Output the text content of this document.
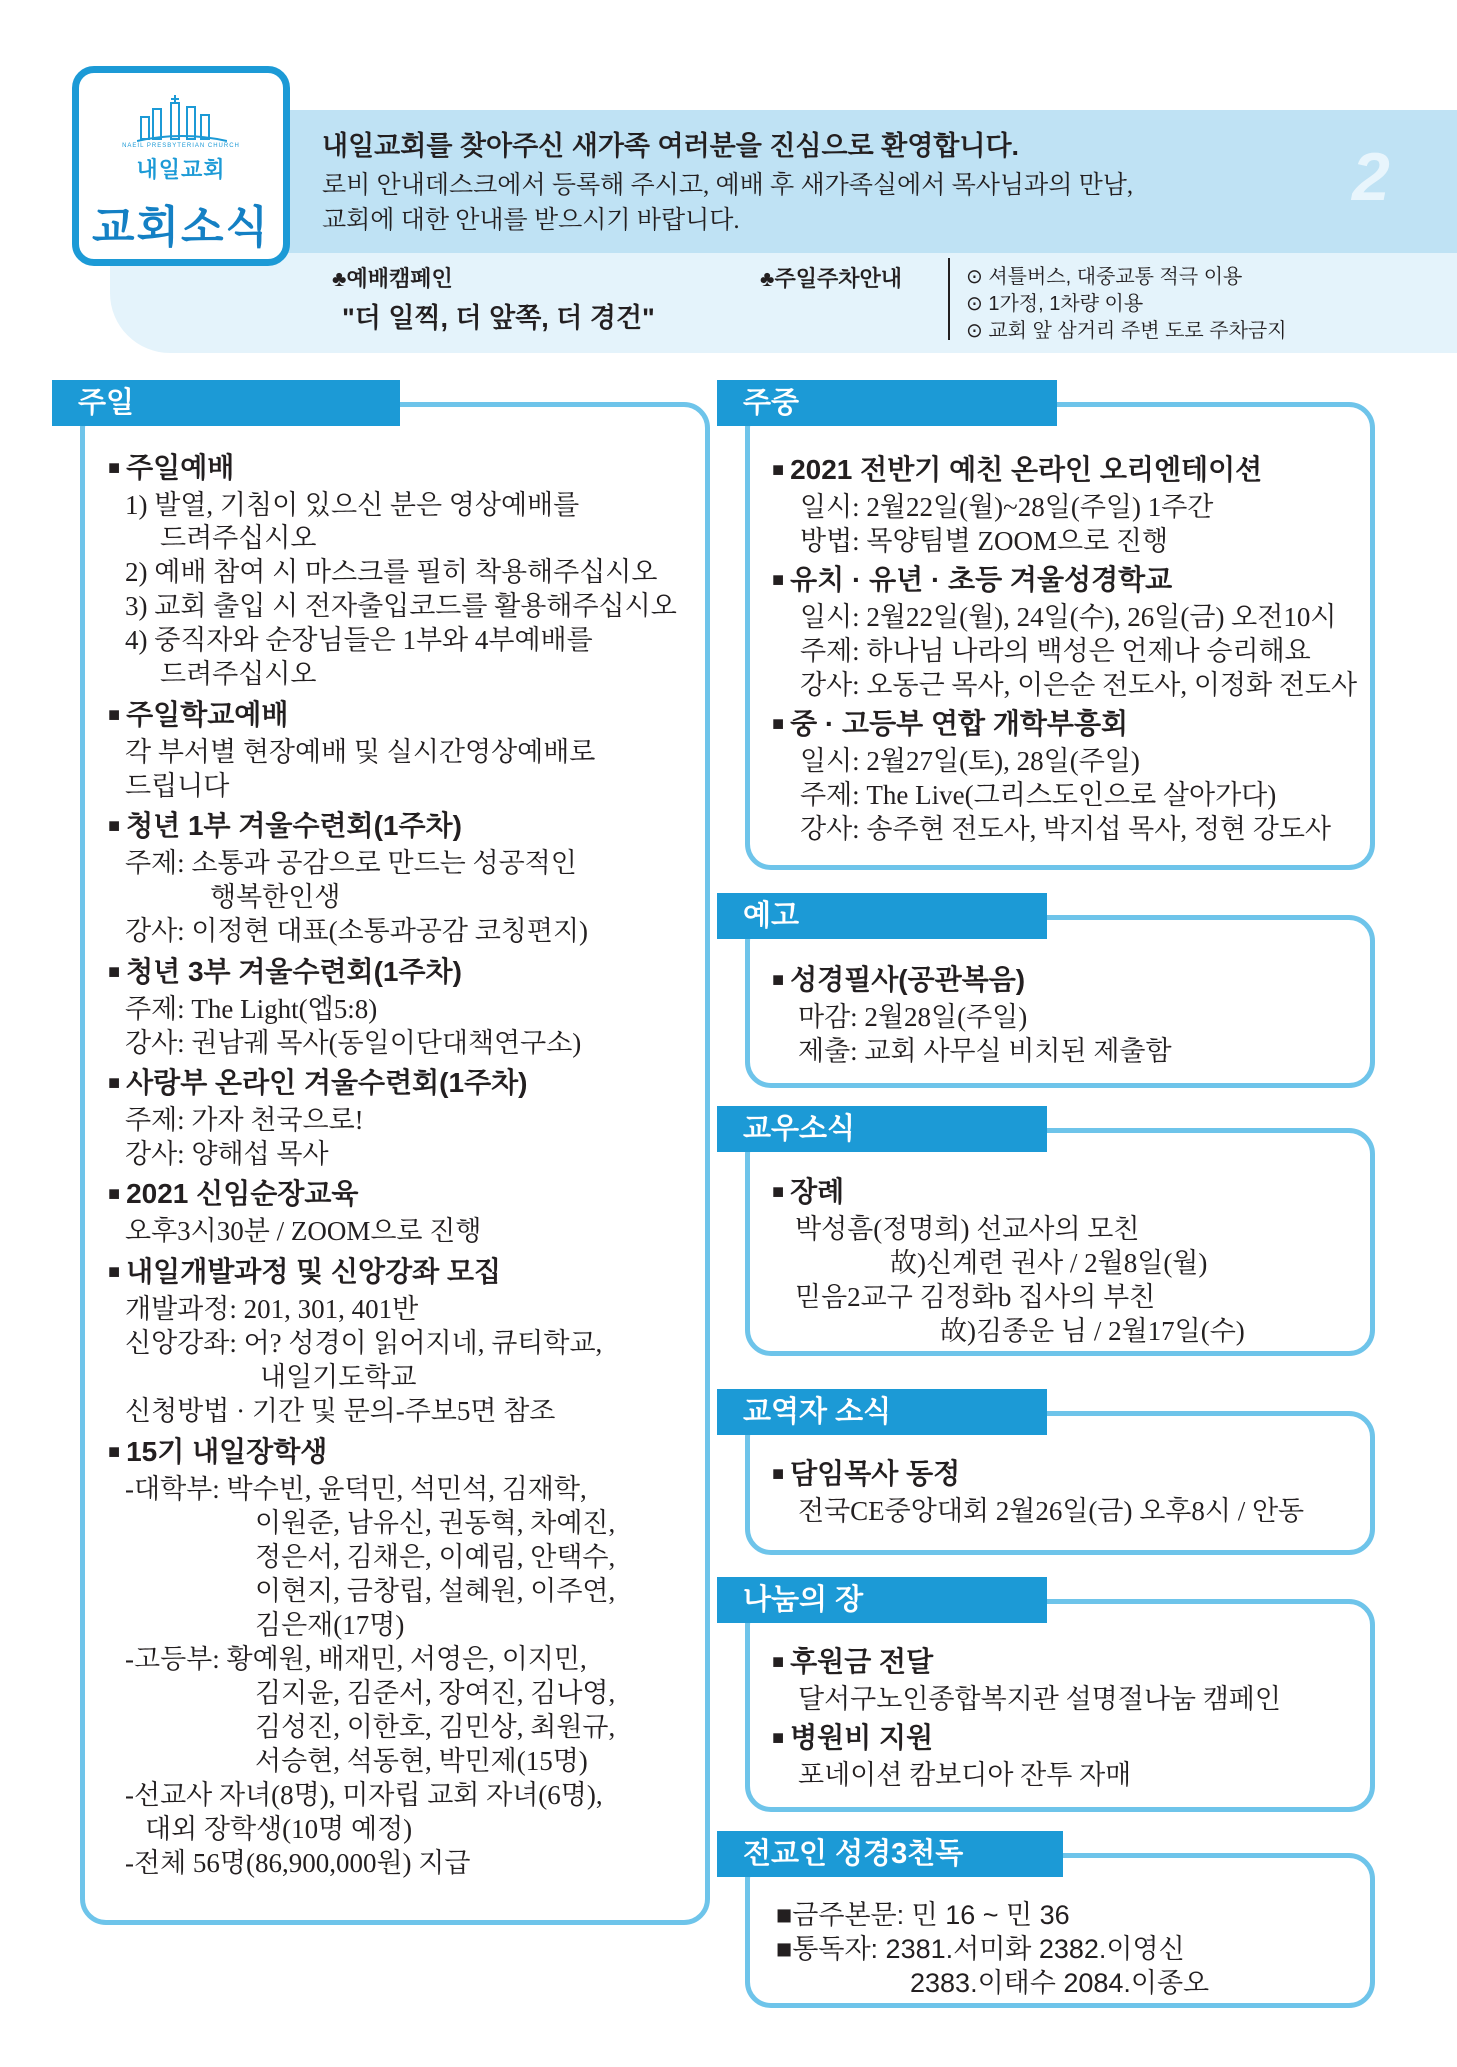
NAEIL PRESBYTERIAN CHURCH
내일교회
교회소식
내일교회를 찾아주신 새가족 여러분을 진심으로 환영합니다.
로비 안내데스크에서 등록해 주시고, 예배 후 새가족실에서 목사님과의 만남,
교회에 대한 안내를 받으시기 바랍니다.
2
♣예배캠페인
"더 일찍, 더 앞쪽, 더 경건"
♣주일주차안내	⊙ 셔틀버스, 대중교통 적극 이용
⊙ 1가정, 1차량 이용
⊙ 교회 앞 삼거리 주변 도로 주차금지
주일
■ 주일예배
1) 발열, 기침이 있으신 분은 영상예배를
드려주십시오
2) 예배 참여 시 마스크를 필히 착용해주십시오
3) 교회 출입 시 전자출입코드를 활용해주십시오
4) 중직자와 순장님들은 1부와 4부예배를
드려주십시오
■ 주일학교예배
각 부서별 현장예배 및 실시간영상예배로
드립니다
■ 청년 1부 겨울수련회(1주차)
주제: 소통과 공감으로 만드는 성공적인
행복한인생
강사: 이정현 대표(소통과공감 코칭편지)
■ 청년 3부 겨울수련회(1주차)
주제: The Light(엡5:8)
강사: 권남궤 목사(동일이단대책연구소)
■ 사랑부 온라인 겨울수련회(1주차)
주제: 가자 천국으로!
강사: 양해섭 목사
■ 2021 신임순장교육
오후3시30분 / ZOOM으로 진행
■ 내일개발과정 및 신앙강좌 모집
개발과정: 201, 301, 401반
신앙강좌: 어? 성경이 읽어지네, 큐티학교,
내일기도학교
신청방법 · 기간 및 문의-주보5면 참조
■ 15기 내일장학생
-대학부: 박수빈, 윤덕민, 석민석, 김재학,
이원준, 남유신, 권동혁, 차예진,
정은서, 김채은, 이예림, 안택수,
이현지, 금창립, 설혜원, 이주연,
김은재(17명)
-고등부: 황예원, 배재민, 서영은, 이지민,
김지윤, 김준서, 장여진, 김나영,
김성진, 이한호, 김민상, 최원규,
서승현, 석동현, 박민제(15명)
-선교사 자녀(8명), 미자립 교회 자녀(6명),
대외 장학생(10명 예정)
-전체 56명(86,900,000원) 지급
주중
■ 2021 전반기 예친 온라인 오리엔테이션
일시: 2월22일(월)~28일(주일) 1주간
방법: 목양팀별 ZOOM으로 진행
■ 유치 · 유년 · 초등 겨울성경학교
일시: 2월22일(월), 24일(수), 26일(금) 오전10시
주제: 하나님 나라의 백성은 언제나 승리해요
강사: 오동근 목사, 이은순 전도사, 이정화 전도사
■ 중 · 고등부 연합 개학부흥회
일시: 2월27일(토), 28일(주일)
주제: The Live(그리스도인으로 살아가다)
강사: 송주현 전도사, 박지섭 목사, 정현 강도사
예고
■ 성경필사(공관복음)
마감: 2월28일(주일)
제출: 교회 사무실 비치된 제출함
교우소식
■ 장례
박성흠(정명희) 선교사의 모친
故)신계련 권사 / 2월8일(월)
믿음2교구 김정화b 집사의 부친
故)김종운 님 / 2월17일(수)
교역자 소식
■ 담임목사 동정
전국CE중앙대회 2월26일(금) 오후8시 / 안동
나눔의 장
■ 후원금 전달
달서구노인종합복지관 설명절나눔 캠페인
■ 병원비 지원
포네이션 캄보디아 잔투 자매
전교인 성경3천독
■금주본문: 민 16 ~ 민 36
■통독자: 2381.서미화 2382.이영신
2383.이태수 2084.이종오
